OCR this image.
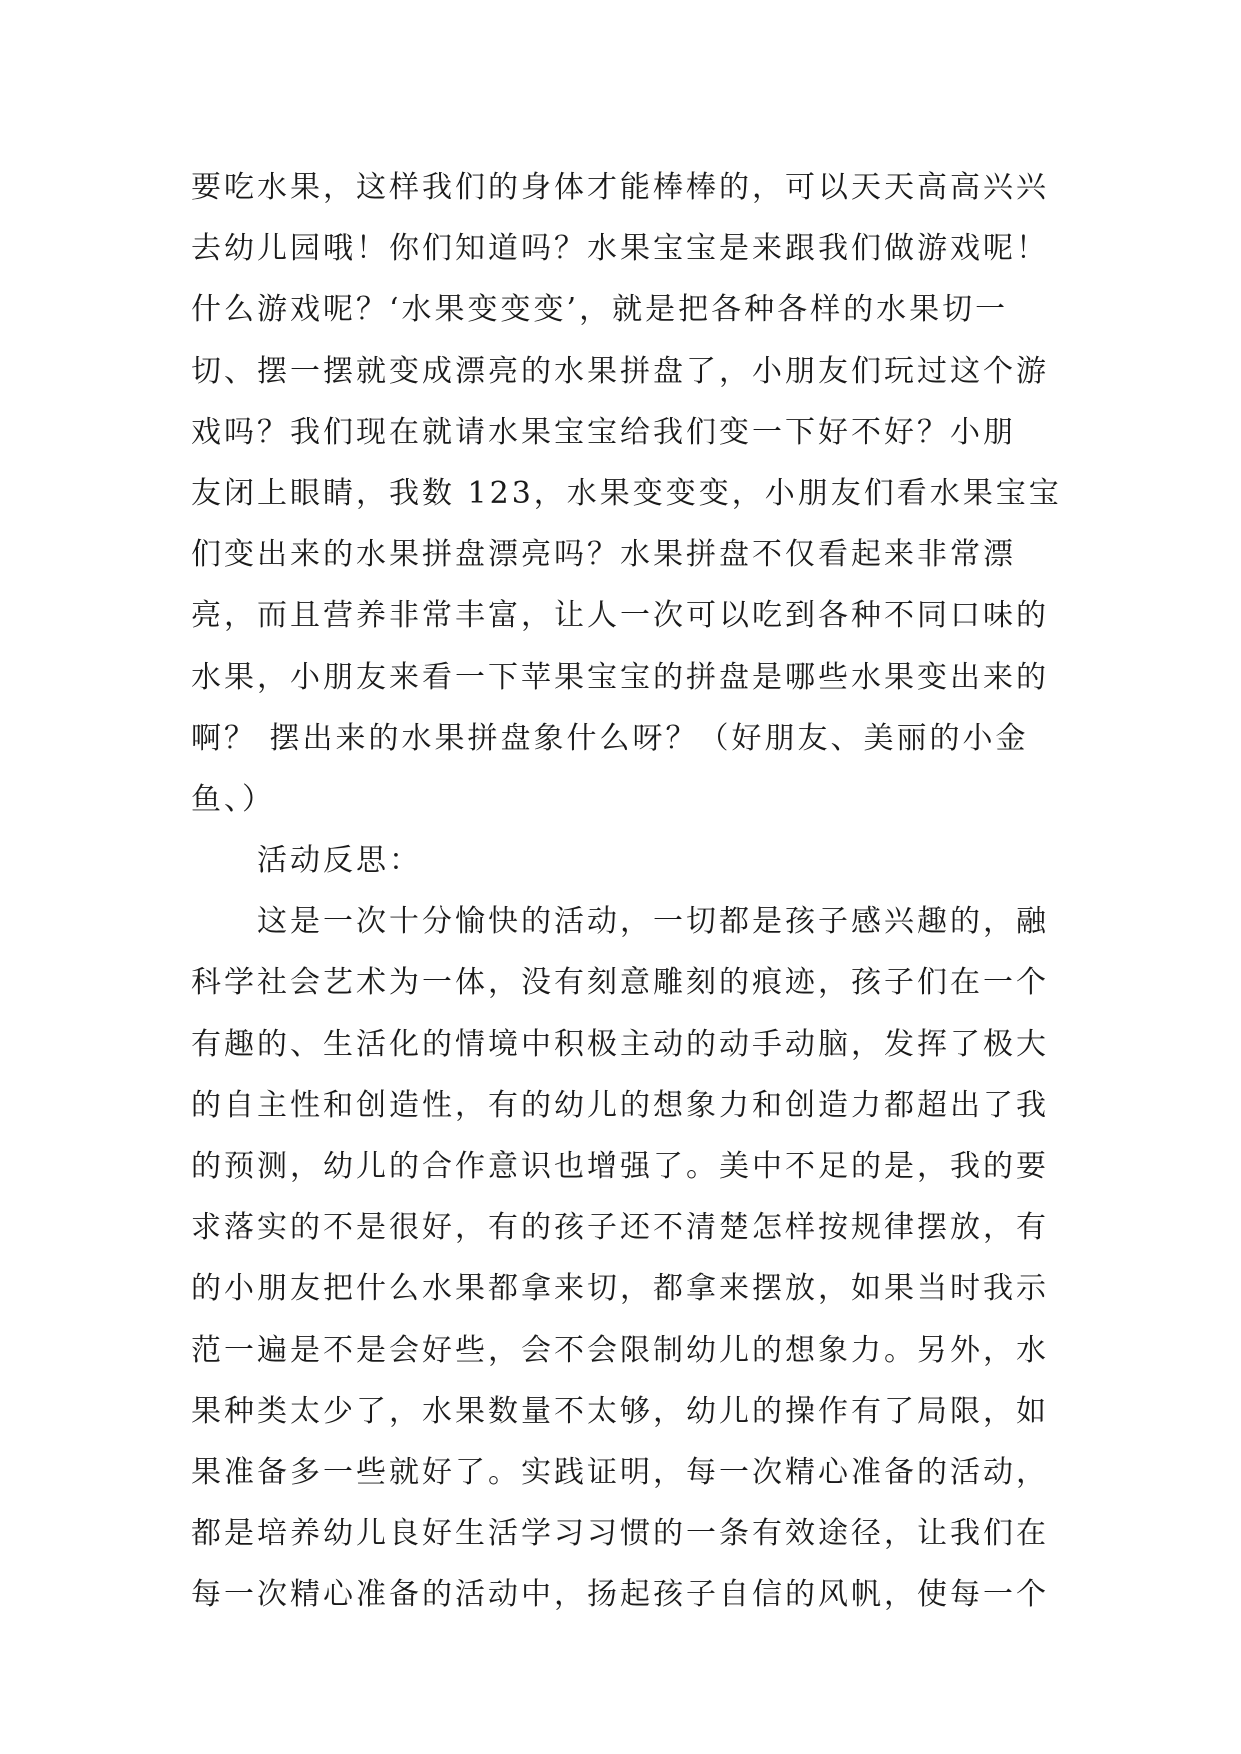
要吃水果，这样我们的身体才能棒棒的，可以天天高高兴兴
去幼儿园哦！你们知道吗？水果宝宝是来跟我们做游戏呢！
什么游戏呢？‘水果变变变’，就是把各种各样的水果切一
切、摆一摆就变成漂亮的水果拼盘了，小朋友们玩过这个游
戏吗？我们现在就请水果宝宝给我们变一下好不好？小朋
友闭上眼睛，我数 123，水果变变变，小朋友们看水果宝宝
们变出来的水果拼盘漂亮吗？水果拼盘不仅看起来非常漂
亮，而且营养非常丰富，让人一次可以吃到各种不同口味的
水果，小朋友来看一下苹果宝宝的拼盘是哪些水果变出来的
啊？ 摆出来的水果拼盘象什么呀？（好朋友、美丽的小金
鱼、）
活动反思：
这是一次十分愉快的活动，一切都是孩子感兴趣的，融
科学社会艺术为一体，没有刻意雕刻的痕迹，孩子们在一个
有趣的、生活化的情境中积极主动的动手动脑，发挥了极大
的自主性和创造性，有的幼儿的想象力和创造力都超出了我
的预测，幼儿的合作意识也增强了。美中不足的是，我的要
求落实的不是很好，有的孩子还不清楚怎样按规律摆放，有
的小朋友把什么水果都拿来切，都拿来摆放，如果当时我示
范一遍是不是会好些，会不会限制幼儿的想象力。另外，水
果种类太少了，水果数量不太够，幼儿的操作有了局限，如
果准备多一些就好了。实践证明，每一次精心准备的活动，
都是培养幼儿良好生活学习习惯的一条有效途径，让我们在
每一次精心准备的活动中，扬起孩子自信的风帆，使每一个
